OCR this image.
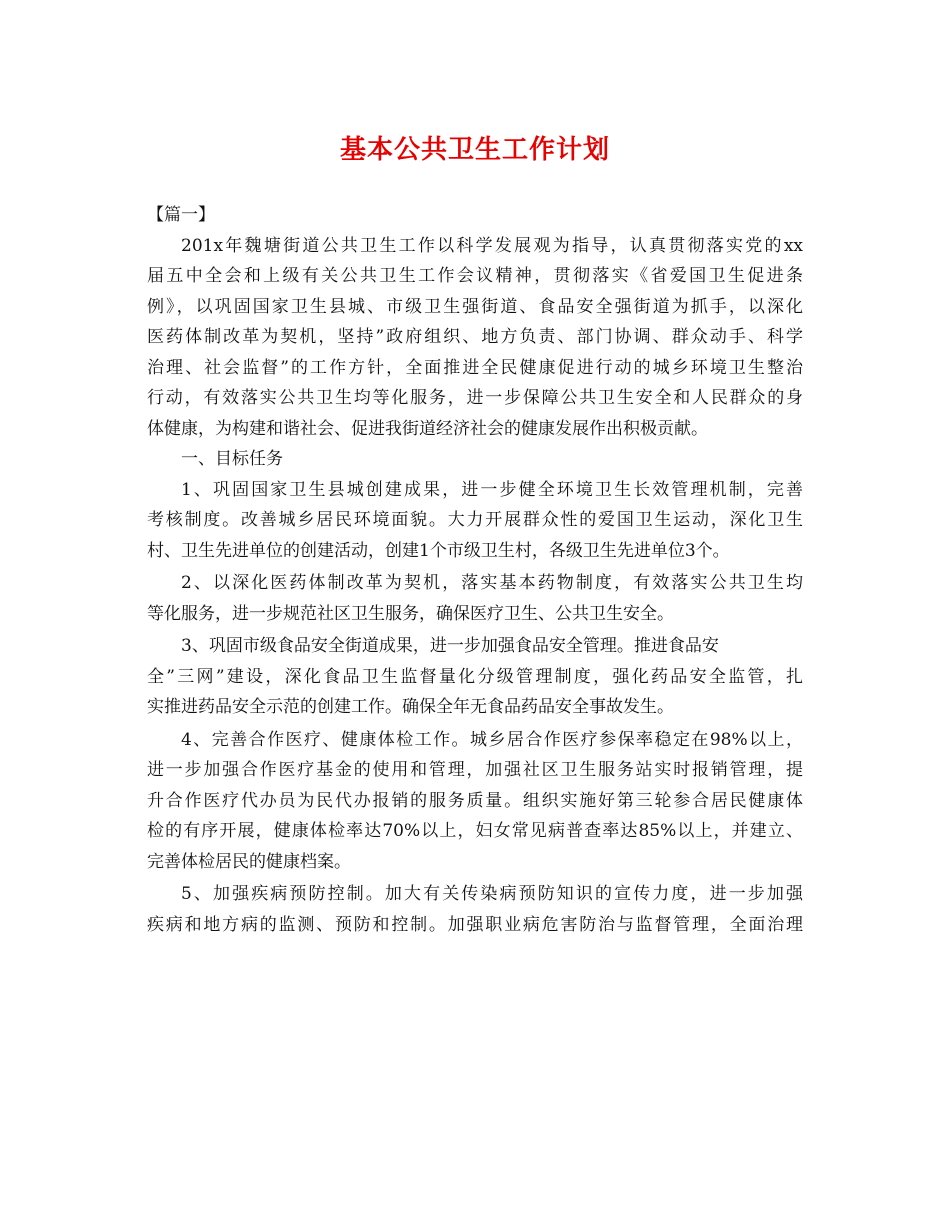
基本公共卫生工作计划
【篇一】
201x年魏塘街道公共卫生工作以科学发展观为指导，认真贯彻落实党的xx
届五中全会和上级有关公共卫生工作会议精神，贯彻落实《省爱国卫生促进条
例》，以巩固国家卫生县城、市级卫生强街道、食品安全强街道为抓手，以深化
医药体制改革为契机，坚持”政府组织、地方负责、部门协调、群众动手、科学
治理、社会监督”的工作方针，全面推进全民健康促进行动的城乡环境卫生整治
行动，有效落实公共卫生均等化服务，进一步保障公共卫生安全和人民群众的身
体健康，为构建和谐社会、促进我街道经济社会的健康发展作出积极贡献。
一、目标任务
1、巩固国家卫生县城创建成果，进一步健全环境卫生长效管理机制，完善
考核制度。改善城乡居民环境面貌。大力开展群众性的爱国卫生运动，深化卫生
村、卫生先进单位的创建活动，创建1个市级卫生村，各级卫生先进单位3个。
2、以深化医药体制改革为契机，落实基本药物制度，有效落实公共卫生均
等化服务，进一步规范社区卫生服务，确保医疗卫生、公共卫生安全。
3、巩固市级食品安全街道成果，进一步加强食品安全管理。推进食品安
全”三网”建设，深化食品卫生监督量化分级管理制度，强化药品安全监管，扎
实推进药品安全示范的创建工作。确保全年无食品药品安全事故发生。
4、完善合作医疗、健康体检工作。城乡居合作医疗参保率稳定在98%以上，
进一步加强合作医疗基金的使用和管理，加强社区卫生服务站实时报销管理，提
升合作医疗代办员为民代办报销的服务质量。组织实施好第三轮参合居民健康体
检的有序开展，健康体检率达70%以上，妇女常见病普查率达85%以上，并建立、
完善体检居民的健康档案。
5、加强疾病预防控制。加大有关传染病预防知识的宣传力度，进一步加强
疾病和地方病的监测、预防和控制。加强职业病危害防治与监督管理，全面治理
